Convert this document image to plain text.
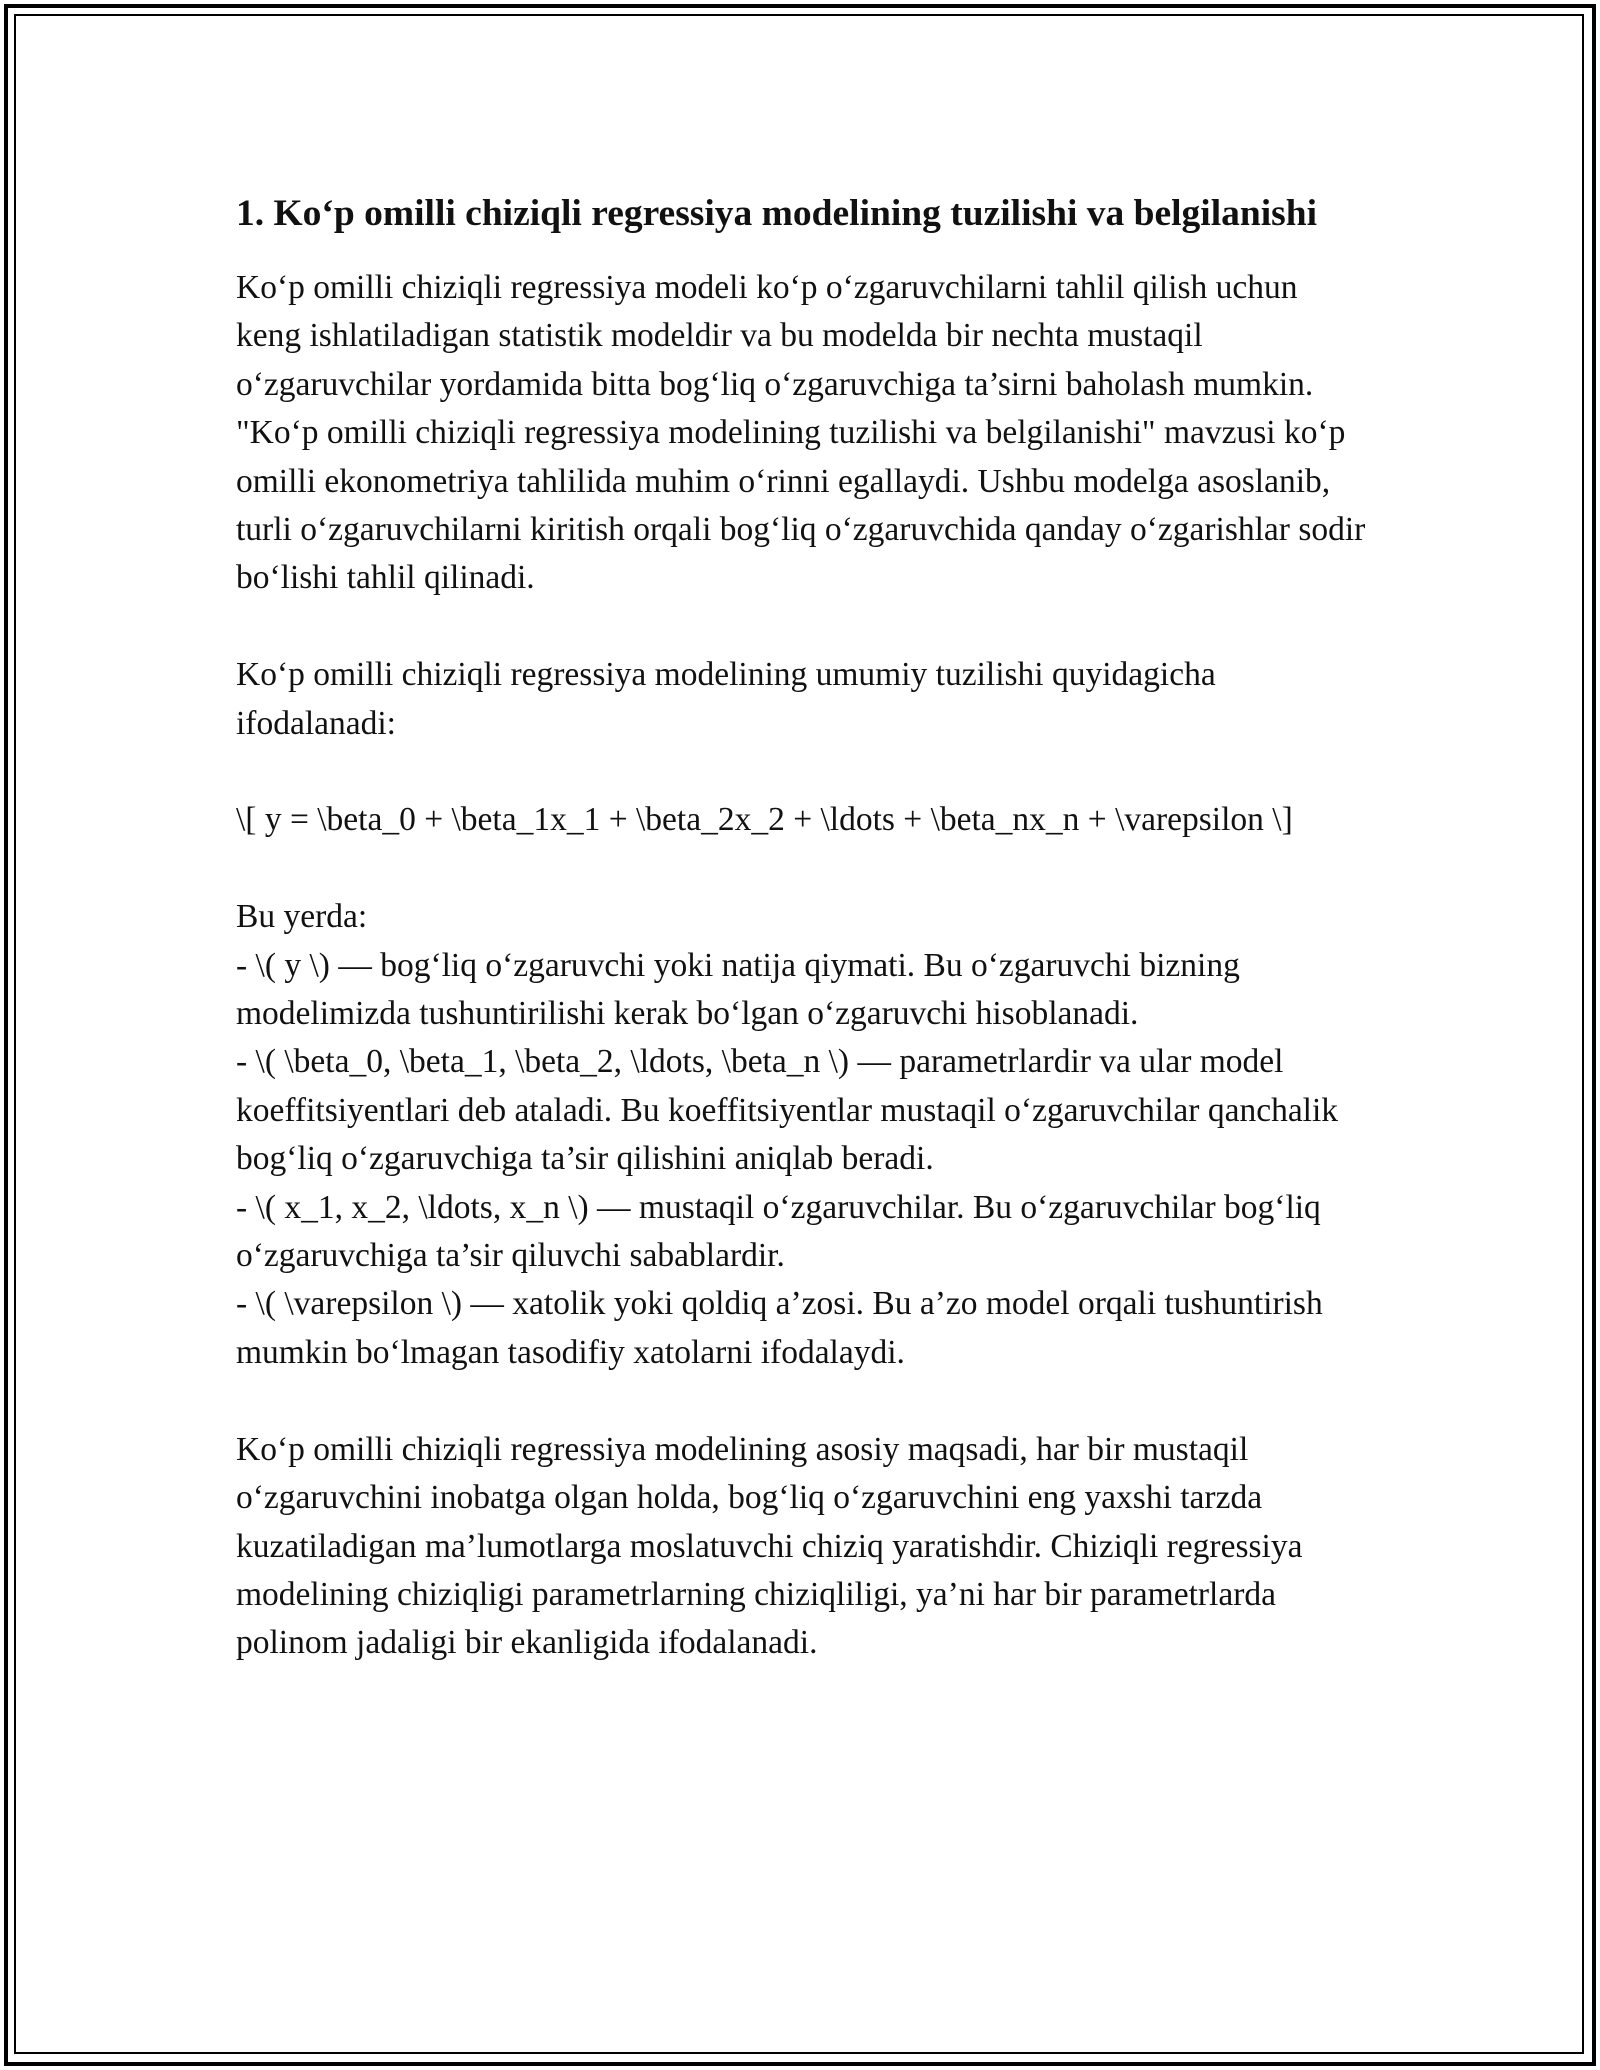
1. Ko‘p omilli chiziqli regressiya modelining tuzilishi va belgilanishi

Ko‘p omilli chiziqli regressiya modeli ko‘p o‘zgaruvchilarni tahlil qilish uchun keng ishlatiladigan statistik modeldir va bu modelda bir nechta mustaqil o‘zgaruvchilar yordamida bitta bog‘liq o‘zgaruvchiga ta’sirni baholash mumkin. "Ko‘p omilli chiziqli regressiya modelining tuzilishi va belgilanishi" mavzusi ko‘p omilli ekonometriya tahlilida muhim o‘rinni egallaydi. Ushbu modelga asoslanib, turli o‘zgaruvchilarni kiritish orqali bog‘liq o‘zgaruvchida qanday o‘zgarishlar sodir bo‘lishi tahlil qilinadi.

Ko‘p omilli chiziqli regressiya modelining umumiy tuzilishi quyidagicha ifodalanadi:

\[ y = \beta_0 + \beta_1x_1 + \beta_2x_2 + \ldots + \beta_nx_n + \varepsilon \]

Bu yerda:

- \( y \) — bog‘liq o‘zgaruvchi yoki natija qiymati. Bu o‘zgaruvchi bizning modelimizda tushuntirilishi kerak bo‘lgan o‘zgaruvchi hisoblanadi.

- \( \beta_0, \beta_1, \beta_2, \ldots, \beta_n \) — parametrlardir va ular model koeffitsiyentlari deb ataladi. Bu koeffitsiyentlar mustaqil o‘zgaruvchilar qanchalik bog‘liq o‘zgaruvchiga ta’sir qilishini aniqlab beradi.

- \( x_1, x_2, \ldots, x_n \) — mustaqil o‘zgaruvchilar. Bu o‘zgaruvchilar bog‘liq o‘zgaruvchiga ta’sir qiluvchi sabablardir.

- \( \varepsilon \) — xatolik yoki qoldiq a’zosi. Bu a’zo model orqali tushuntirish mumkin bo‘lmagan tasodifiy xatolarni ifodalaydi.

Ko‘p omilli chiziqli regressiya modelining asosiy maqsadi, har bir mustaqil o‘zgaruvchini inobatga olgan holda, bog‘liq o‘zgaruvchini eng yaxshi tarzda kuzatiladigan ma’lumotlarga moslatuvchi chiziq yaratishdir. Chiziqli regressiya modelining chiziqligi parametrlarning chiziqliligi, ya’ni har bir parametrlarda polinom jadaligi bir ekanligida ifodalanadi.
